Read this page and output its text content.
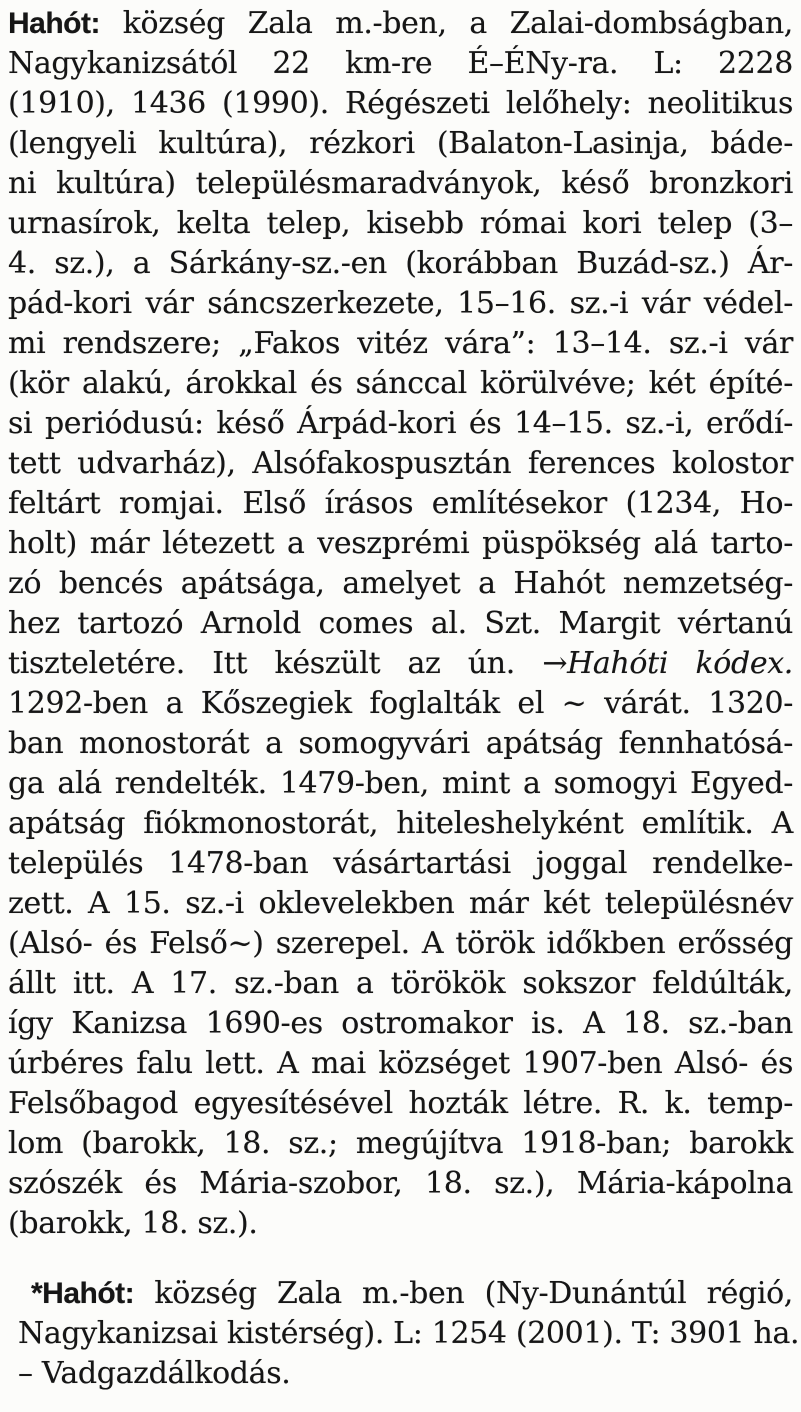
Hahót: község Zala m.-ben, a Zalai-dombságban,
Nagykanizsától 22 km-re É–ÉNy-ra. L: 2228
(1910), 1436 (1990). Régészeti lelőhely: neolitikus
(lengyeli kultúra), rézkori (Balaton-Lasinja, báde-
ni kultúra) településmaradványok, késő bronzkori
urnasírok, kelta telep, kisebb római kori telep (3–
4. sz.), a Sárkány-sz.-en (korábban Buzád-sz.) Ár-
pád-kori vár sáncszerkezete, 15–16. sz.-i vár védel-
mi rendszere; „Fakos vitéz vára”: 13–14. sz.-i vár
(kör alakú, árokkal és sánccal körülvéve; két építé-
si periódusú: késő Árpád-kori és 14–15. sz.-i, erődí-
tett udvarház), Alsófakospusztán ferences kolostor
feltárt romjai. Első írásos említésekor (1234, Ho-
holt) már létezett a veszprémi püspökség alá tarto-
zó bencés apátsága, amelyet a Hahót nemzetség-
hez tartozó Arnold comes al. Szt. Margit vértanú
tiszteletére. Itt készült az ún. →Hahóti kódex.
1292-ben a Kőszegiek foglalták el ~ várát. 1320-
ban monostorát a somogyvári apátság fennhatósá-
ga alá rendelték. 1479-ben, mint a somogyi Egyed-
apátság fiókmonostorát, hiteleshelyként említik. A
település 1478-ban vásártartási joggal rendelke-
zett. A 15. sz.-i oklevelekben már két településnév
(Alsó- és Felső~) szerepel. A török időkben erősség
állt itt. A 17. sz.-ban a törökök sokszor feldúlták,
így Kanizsa 1690-es ostromakor is. A 18. sz.-ban
úrbéres falu lett. A mai községet 1907-ben Alsó- és
Felsőbagod egyesítésével hozták létre. R. k. temp-
lom (barokk, 18. sz.; megújítva 1918-ban; barokk
szószék és Mária-szobor, 18. sz.), Mária-kápolna
(barokk, 18. sz.).
*Hahót: község Zala m.-ben (Ny-Dunántúl régió,
Nagykanizsai kistérség). L: 1254 (2001). T: 3901 ha.
– Vadgazdálkodás.
